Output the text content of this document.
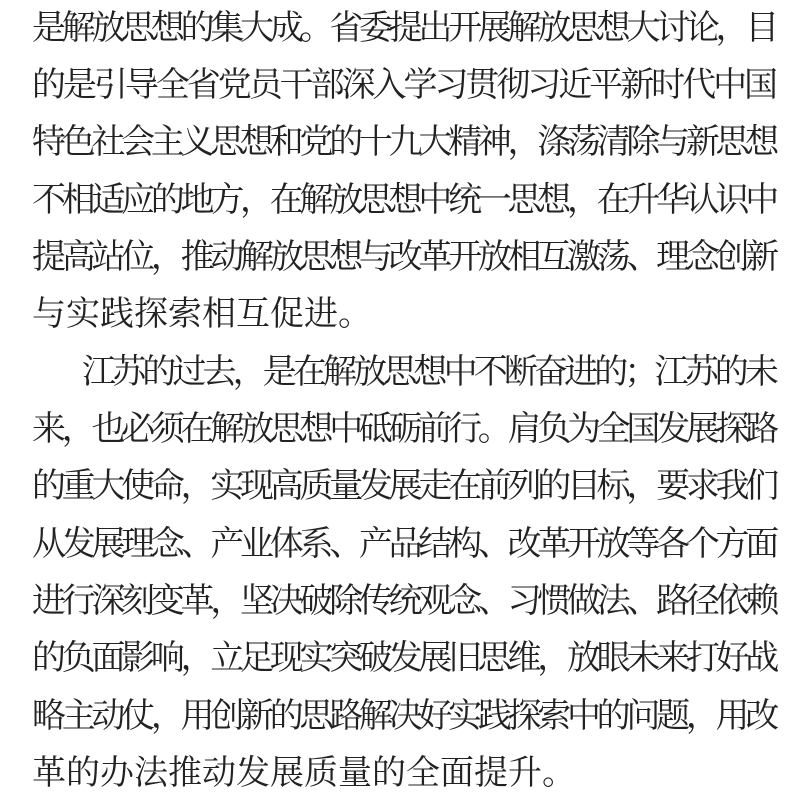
是解放思想的集大成。省委提出开展解放思想大讨论，目
的是引导全省党员干部深入学习贯彻习近平新时代中国
特色社会主义思想和党的十九大精神，涤荡清除与新思想
不相适应的地方，在解放思想中统一思想，在升华认识中
提高站位，推动解放思想与改革开放相互激荡、理念创新
与实践探索相互促进。
江苏的过去，是在解放思想中不断奋进的；江苏的未
来，也必须在解放思想中砥砺前行。肩负为全国发展探路
的重大使命，实现高质量发展走在前列的目标，要求我们
从发展理念、产业体系、产品结构、改革开放等各个方面
进行深刻变革，坚决破除传统观念、习惯做法、路径依赖
的负面影响，立足现实突破发展旧思维，放眼未来打好战
略主动仗，用创新的思路解决好实践探索中的问题，用改
革的办法推动发展质量的全面提升。
